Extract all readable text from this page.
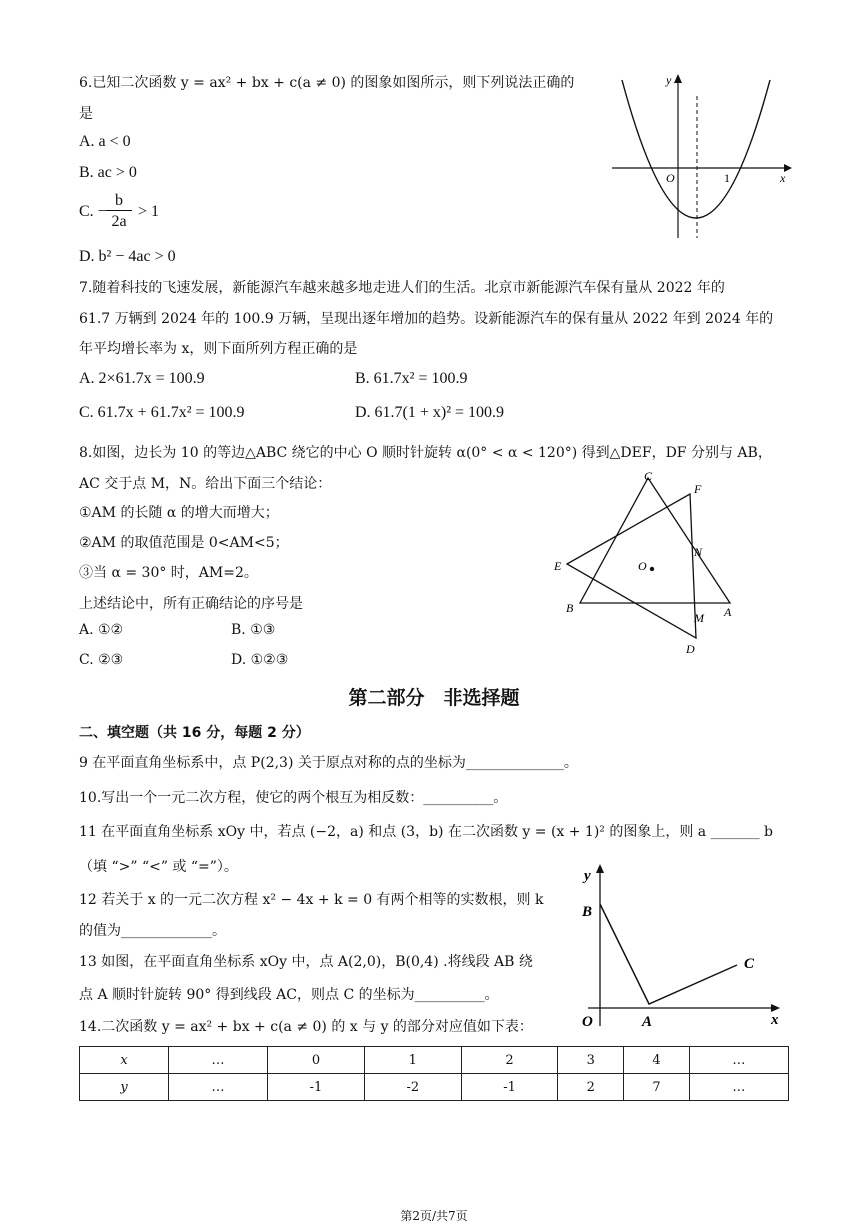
6.已知二次函数 y = ax² + bx + c(a ≠ 0) 的图象如图所示，则下列说法正确的
是
A. a < 0
B. ac > 0
C. −
b
2a
> 1
D. b² − 4ac > 0
y
x
O	1
7.随着科技的飞速发展，新能源汽车越来越多地走进人们的生活。北京市新能源汽车保有量从 2022 年的
61.7 万辆到 2024 年的 100.9 万辆，呈现出逐年增加的趋势。设新能源汽车的保有量从 2022 年到 2024 年的
年平均增长率为 x，则下面所列方程正确的是
A. 2×61.7x = 100.9	B. 61.7x² = 100.9
C. 61.7x + 61.7x² = 100.9	D. 61.7(1 + x)² = 100.9
8.如图，边长为 10 的等边△ABC 绕它的中心 O 顺时针旋转 α(0° < α < 120°) 得到△DEF，DF 分别与 AB，
AC 交于点 M，N。给出下面三个结论：
①AM 的长随 α 的增大而增大；
②AM 的取值范围是 0<AM<5；
③当 α = 30° 时，AM=2。
上述结论中，所有正确结论的序号是
A. ①②	B. ①③
C. ②③	D. ①②③
A
B
C
D
E
F
M
N
O
第二部分　非选择题
二、填空题（共 16 分，每题 2 分）
9 在平面直角坐标系中，点 P(2,3) 关于原点对称的点的坐标为______________。
10.写出一个一元二次方程，使它的两个根互为相反数：__________。
11 在平面直角坐标系 xOy 中，若点 (−2，a) 和点 (3，b) 在二次函数 y = (x + 1)² 的图象上，则 a _______ b
（填 “>” “<” 或 “=”）。
12 若关于 x 的一元二次方程 x² − 4x + k = 0 有两个相等的实数根，则 k
的值为_____________。
13 如图，在平面直角坐标系 xOy 中，点 A(2,0)，B(0,4) .将线段 AB 绕
点 A 顺时针旋转 90° 得到线段 AC，则点 C 的坐标为__________。
y
x
O	A
B
C
14.二次函数 y = ax² + bx + c(a ≠ 0) 的 x 与 y 的部分对应值如下表：
x	…	0	1	2	3	4	…
y	…	-1	-2	-1	2	7	…
第2页/共7页
